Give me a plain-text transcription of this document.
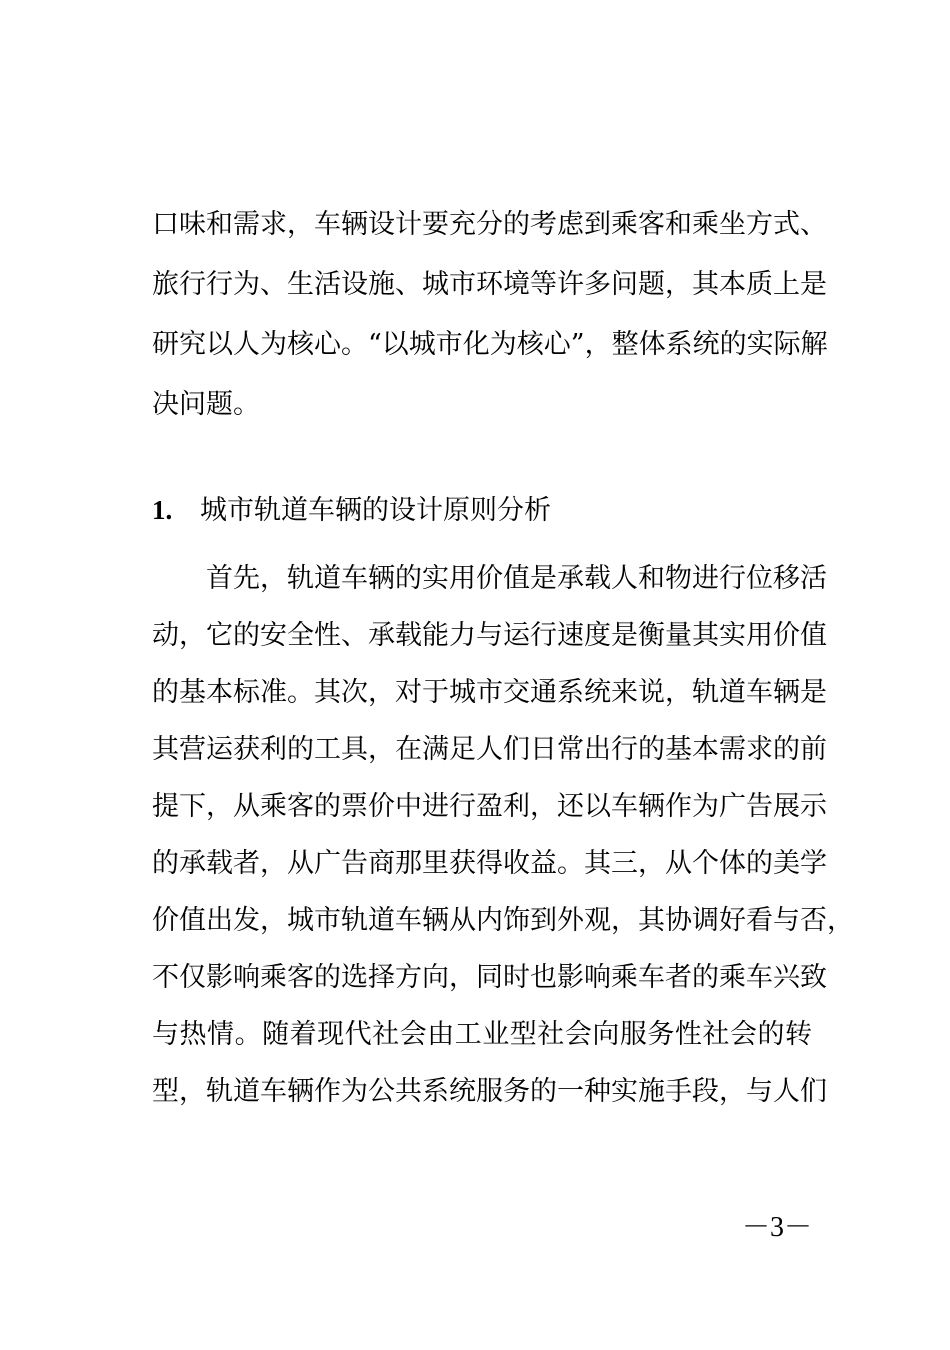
口味和需求，车辆设计要充分的考虑到乘客和乘坐方式、
旅行行为、生活设施、城市环境等许多问题，其本质上是
研究以人为核心。“以城市化为核心”，整体系统的实际解
决问题。
1. 城市轨道车辆的设计原则分析
首先，轨道车辆的实用价值是承载人和物进行位移活
动，它的安全性、承载能力与运行速度是衡量其实用价值
的基本标准。其次，对于城市交通系统来说，轨道车辆是
其营运获利的工具，在满足人们日常出行的基本需求的前
提下，从乘客的票价中进行盈利，还以车辆作为广告展示
的承载者，从广告商那里获得收益。其三，从个体的美学
价值出发，城市轨道车辆从内饰到外观，其协调好看与否，
不仅影响乘客的选择方向，同时也影响乘车者的乘车兴致
与热情。随着现代社会由工业型社会向服务性社会的转
型，轨道车辆作为公共系统服务的一种实施手段，与人们
－3－
